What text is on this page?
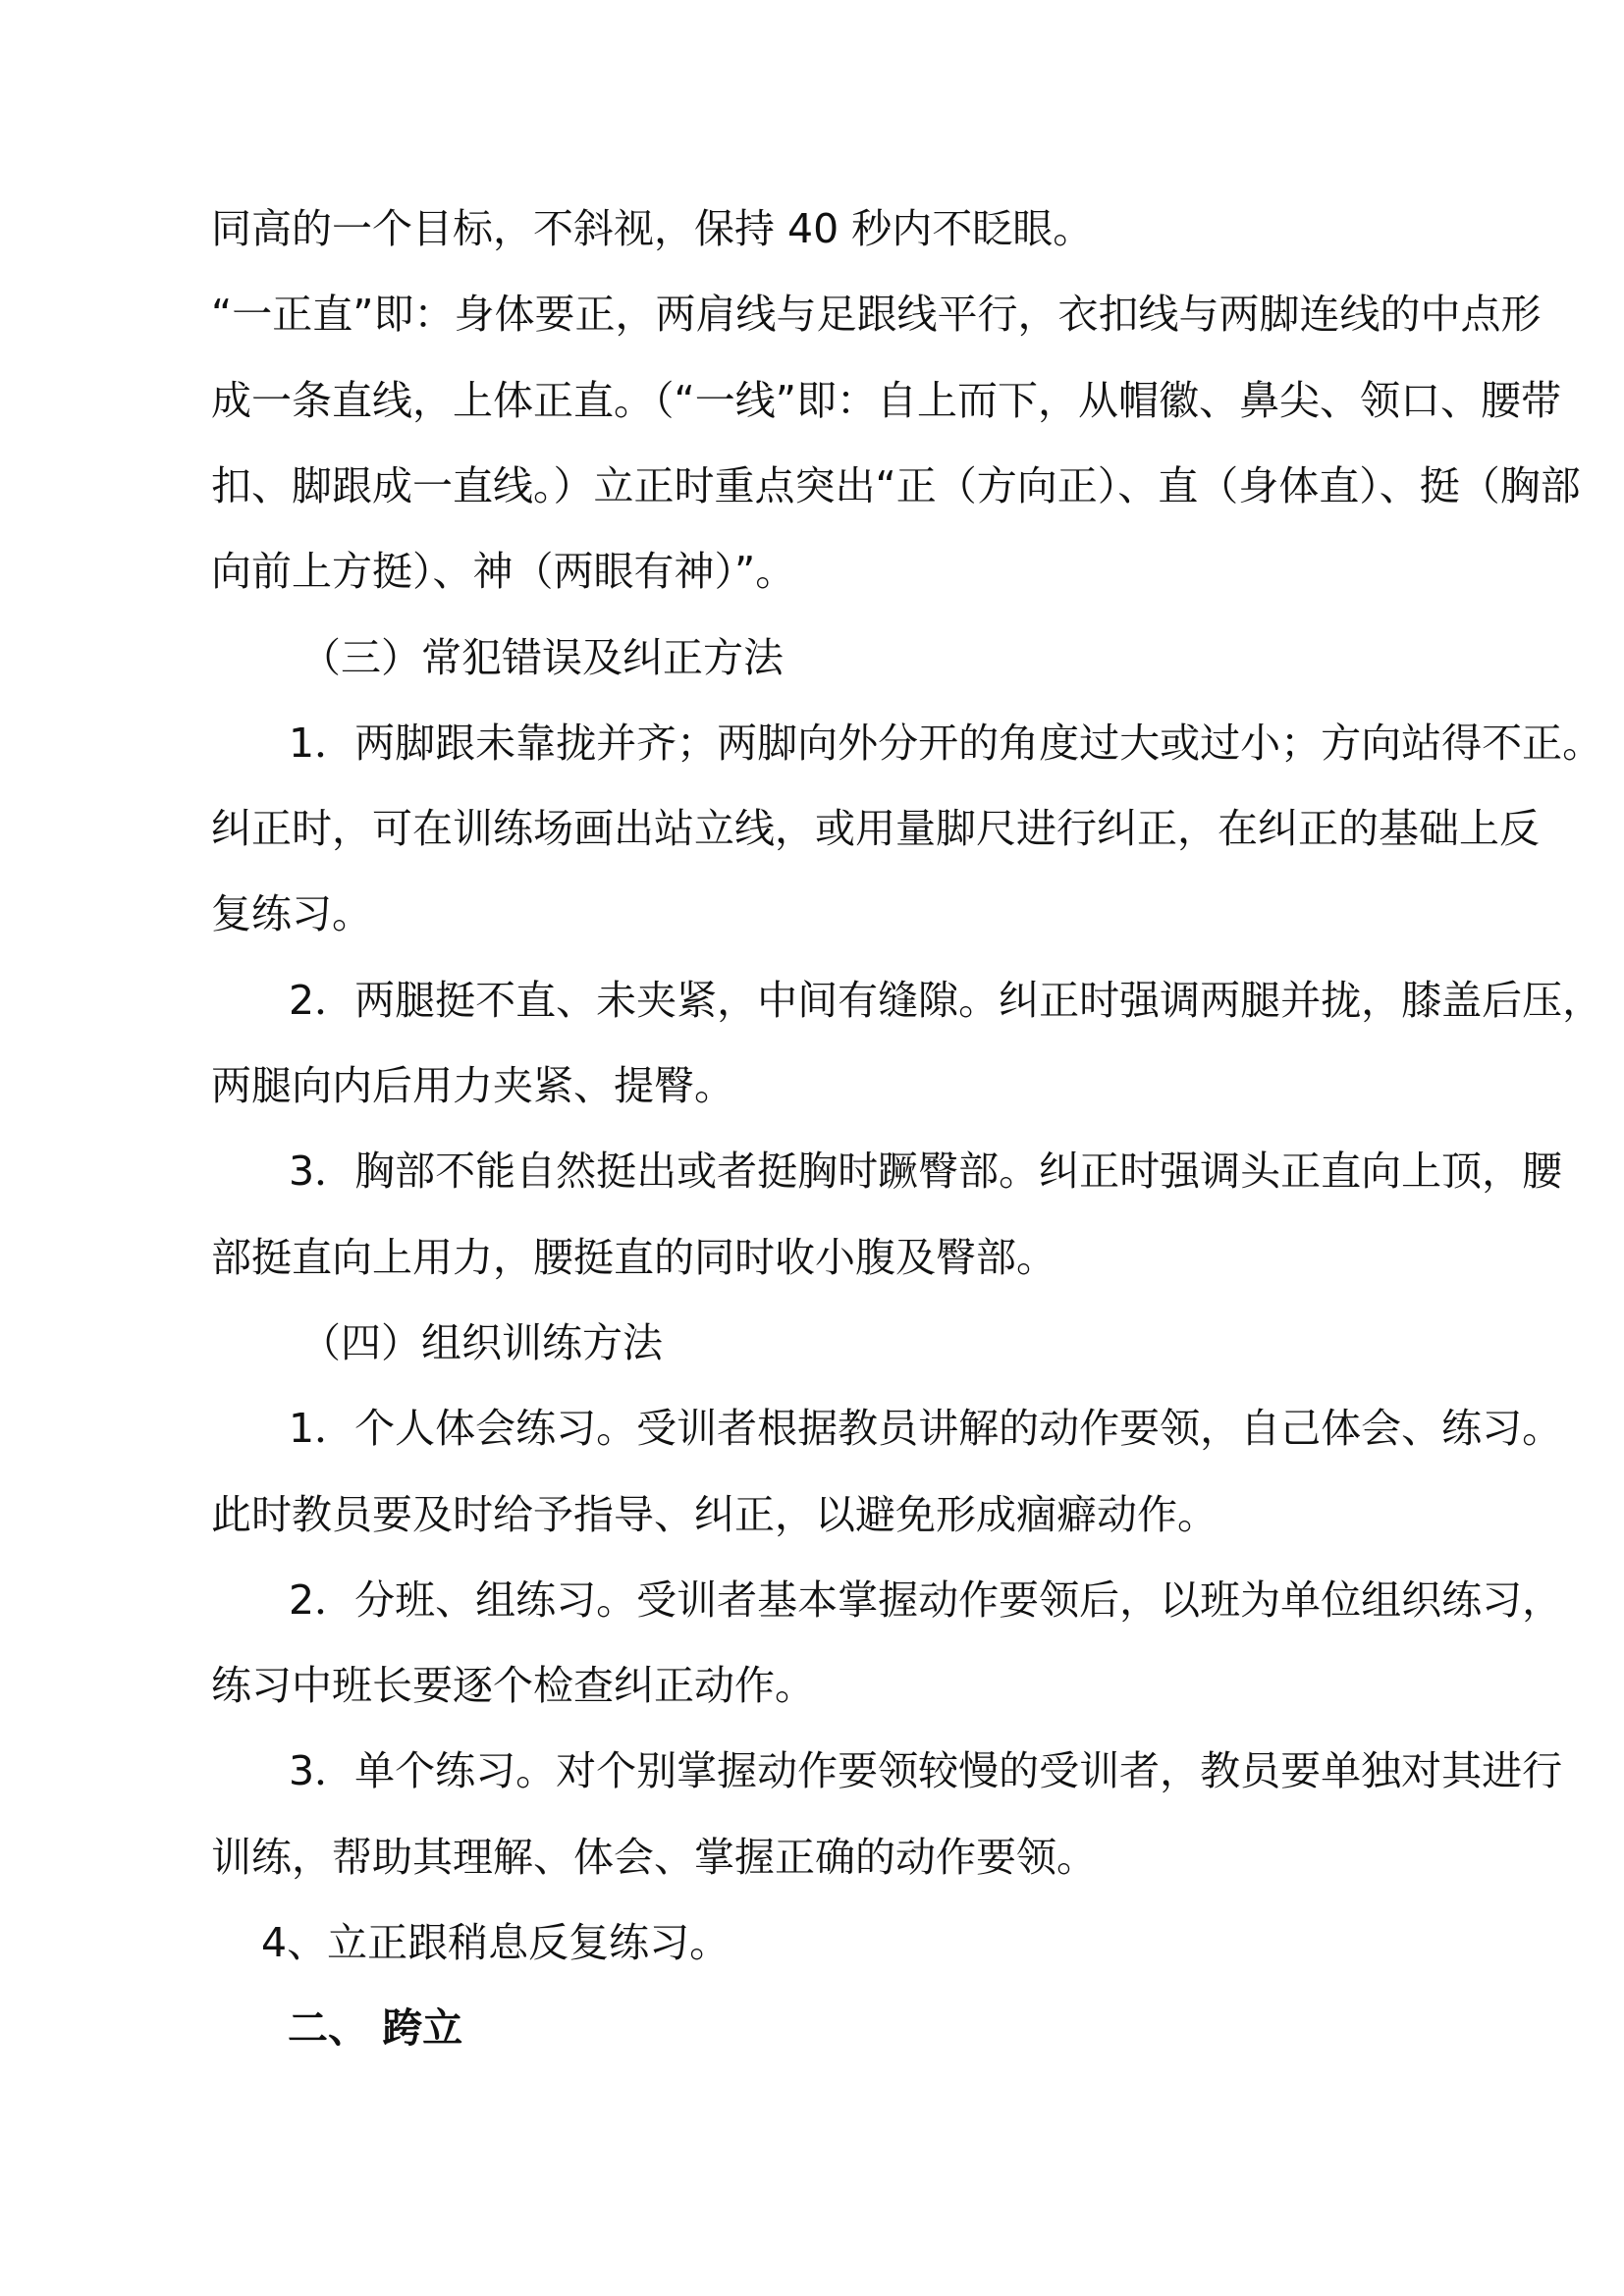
同高的一个目标，不斜视，保持 40 秒内不眨眼。
“一正直”即：身体要正，两肩线与足跟线平行，衣扣线与两脚连线的中点形
成一条直线，上体正直。（“一线”即：自上而下，从帽徽、鼻尖、领口、腰带
扣、脚跟成一直线。）立正时重点突出“正（方向正）、直（身体直）、挺（胸部
向前上方挺）、神（两眼有神）”。
（三）常犯错误及纠正方法
1．两脚跟未靠拢并齐；两脚向外分开的角度过大或过小；方向站得不正。
纠正时，可在训练场画出站立线，或用量脚尺进行纠正，在纠正的基础上反
复练习。
2．两腿挺不直、未夹紧，中间有缝隙。纠正时强调两腿并拢，膝盖后压，
两腿向内后用力夹紧、提臀。
3．胸部不能自然挺出或者挺胸时蹶臀部。纠正时强调头正直向上顶，腰
部挺直向上用力，腰挺直的同时收小腹及臀部。
（四）组织训练方法
1．个人体会练习。受训者根据教员讲解的动作要领，自己体会、练习。
此时教员要及时给予指导、纠正，以避免形成痼癖动作。
2．分班、组练习。受训者基本掌握动作要领后，以班为单位组织练习，
练习中班长要逐个检查纠正动作。
3．单个练习。对个别掌握动作要领较慢的受训者，教员要单独对其进行
训练，帮助其理解、体会、掌握正确的动作要领。
4、立正跟稍息反复练习。
二、 跨立
